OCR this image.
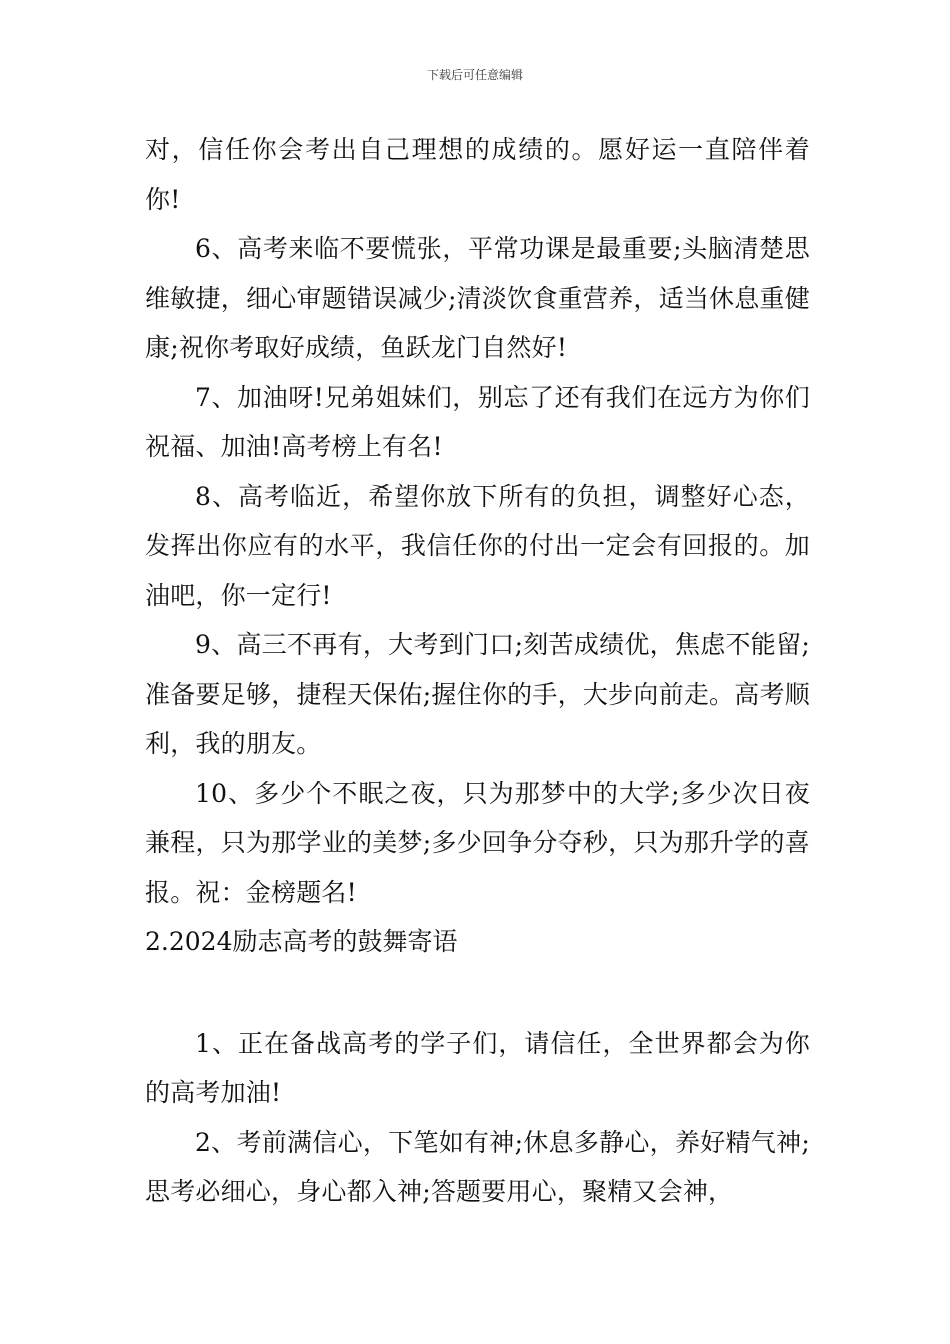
下载后可任意编辑

对，信任你会考出自己理想的成绩的。愿好运一直陪伴着你!

6、高考来临不要慌张，平常功课是最重要;头脑清楚思维敏捷，细心审题错误减少;清淡饮食重营养，适当休息重健康;祝你考取好成绩，鱼跃龙门自然好!

7、加油呀!兄弟姐妹们，别忘了还有我们在远方为你们祝福、加油!高考榜上有名!

8、高考临近，希望你放下所有的负担，调整好心态，发挥出你应有的水平，我信任你的付出一定会有回报的。加油吧，你一定行!

9、高三不再有，大考到门口;刻苦成绩优，焦虑不能留;准备要足够，捷程天保佑;握住你的手，大步向前走。高考顺利，我的朋友。

10、多少个不眠之夜，只为那梦中的大学;多少次日夜兼程，只为那学业的美梦;多少回争分夺秒，只为那升学的喜报。祝：金榜题名!

2.2024励志高考的鼓舞寄语

1、正在备战高考的学子们，请信任，全世界都会为你的高考加油!

2、考前满信心，下笔如有神;休息多静心，养好精气神;思考必细心，身心都入神;答题要用心，聚精又会神，
